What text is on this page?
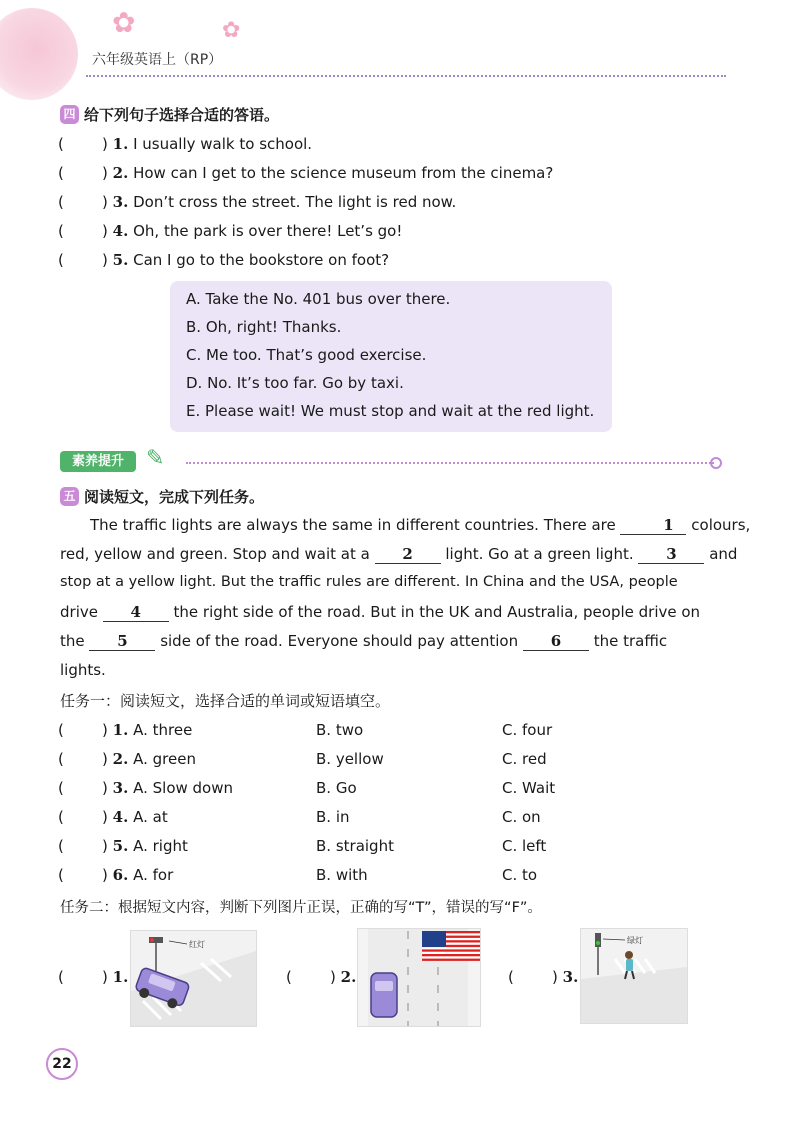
✿	✿
六年级英语上（RP）
四 给下列句子选择合适的答语。
(	) 1. I usually walk to school.
(	) 2. How can I get to the science museum from the cinema?
(	) 3. Don’t cross the street. The light is red now.
(	) 4. Oh, the park is over there! Let’s go!
(	) 5. Can I go to the bookstore on foot?
A. Take the No. 401 bus over there.
B. Oh, right! Thanks.
C. Me too. That’s good exercise.
D. No. It’s too far. Go by taxi.
E. Please wait! We must stop and wait at the red light.
素养提升	✎
五 阅读短文，完成下列任务。
The traffic lights are always the same in different countries. There are	1 colours,
red, yellow and green. Stop and wait at a 2 light. Go at a green light. 3 and
stop at a yellow light. But the traffic rules are different. In China and the USA, people
drive 4 the right side of the road. But in the UK and Australia, people drive on
the 5 side of the road. Everyone should pay attention 6 the traffic
lights.
任务一：阅读短文，选择合适的单词或短语填空。
(	) 1. A. three	B. two	C. four
(	) 2. A. green	B. yellow	C. red
(	) 3. A. Slow down	B. Go	C. Wait
(	) 4. A. at	B. in	C. on
(	) 5. A. right	B. straight	C. left
(	) 6. A. for	B. with	C. to
任务二：根据短文内容，判断下列图片正误，正确的写“T”，错误的写“F”。
(	) 1.
红灯
(	) 2.	(	) 3.
绿灯
22
